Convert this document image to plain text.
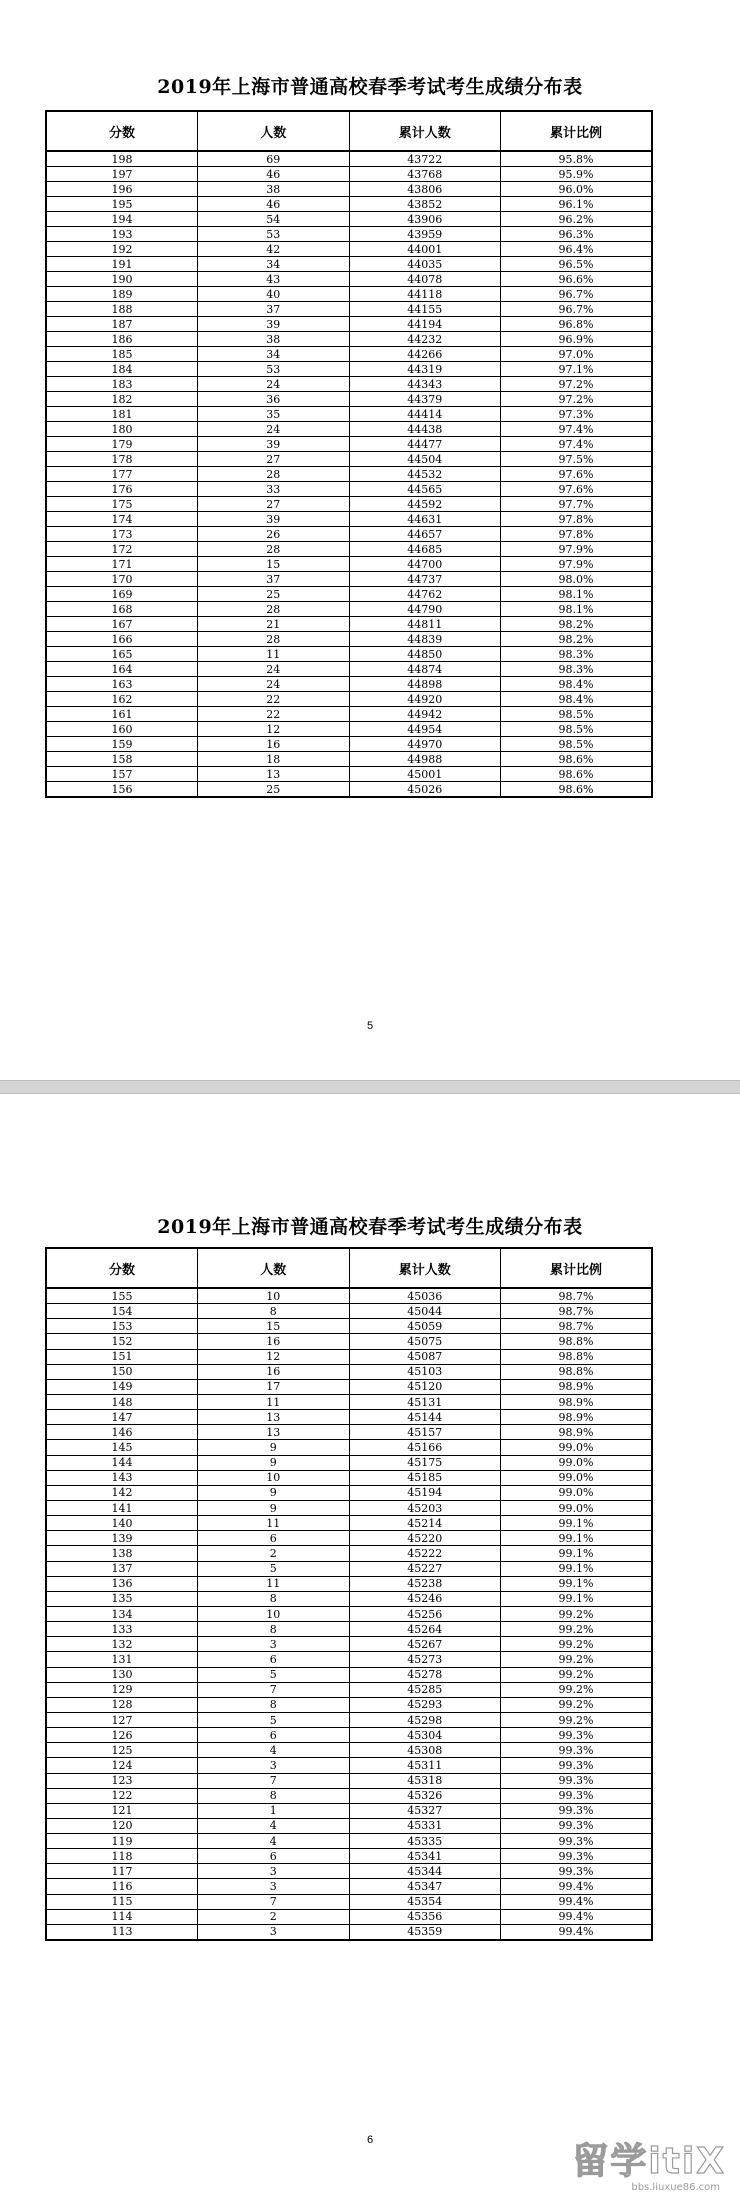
2019年上海市普通高校春季考试考生成绩分布表
分数	人数	累计人数	累计比例
198	69	43722	95.8%
197	46	43768	95.9%
196	38	43806	96.0%
195	46	43852	96.1%
194	54	43906	96.2%
193	53	43959	96.3%
192	42	44001	96.4%
191	34	44035	96.5%
190	43	44078	96.6%
189	40	44118	96.7%
188	37	44155	96.7%
187	39	44194	96.8%
186	38	44232	96.9%
185	34	44266	97.0%
184	53	44319	97.1%
183	24	44343	97.2%
182	36	44379	97.2%
181	35	44414	97.3%
180	24	44438	97.4%
179	39	44477	97.4%
178	27	44504	97.5%
177	28	44532	97.6%
176	33	44565	97.6%
175	27	44592	97.7%
174	39	44631	97.8%
173	26	44657	97.8%
172	28	44685	97.9%
171	15	44700	97.9%
170	37	44737	98.0%
169	25	44762	98.1%
168	28	44790	98.1%
167	21	44811	98.2%
166	28	44839	98.2%
165	11	44850	98.3%
164	24	44874	98.3%
163	24	44898	98.4%
162	22	44920	98.4%
161	22	44942	98.5%
160	12	44954	98.5%
159	16	44970	98.5%
158	18	44988	98.6%
157	13	45001	98.6%
156	25	45026	98.6%
5
2019年上海市普通高校春季考试考生成绩分布表
分数	人数	累计人数	累计比例
155	10	45036	98.7%
154	8	45044	98.7%
153	15	45059	98.7%
152	16	45075	98.8%
151	12	45087	98.8%
150	16	45103	98.8%
149	17	45120	98.9%
148	11	45131	98.9%
147	13	45144	98.9%
146	13	45157	98.9%
145	9	45166	99.0%
144	9	45175	99.0%
143	10	45185	99.0%
142	9	45194	99.0%
141	9	45203	99.0%
140	11	45214	99.1%
139	6	45220	99.1%
138	2	45222	99.1%
137	5	45227	99.1%
136	11	45238	99.1%
135	8	45246	99.1%
134	10	45256	99.2%
133	8	45264	99.2%
132	3	45267	99.2%
131	6	45273	99.2%
130	5	45278	99.2%
129	7	45285	99.2%
128	8	45293	99.2%
127	5	45298	99.2%
126	6	45304	99.3%
125	4	45308	99.3%
124	3	45311	99.3%
123	7	45318	99.3%
122	8	45326	99.3%
121	1	45327	99.3%
120	4	45331	99.3%
119	4	45335	99.3%
118	6	45341	99.3%
117	3	45344	99.3%
116	3	45347	99.4%
115	7	45354	99.4%
114	2	45356	99.4%
113	3	45359	99.4%
6
留学itiX
bbs.liuxue86.com
